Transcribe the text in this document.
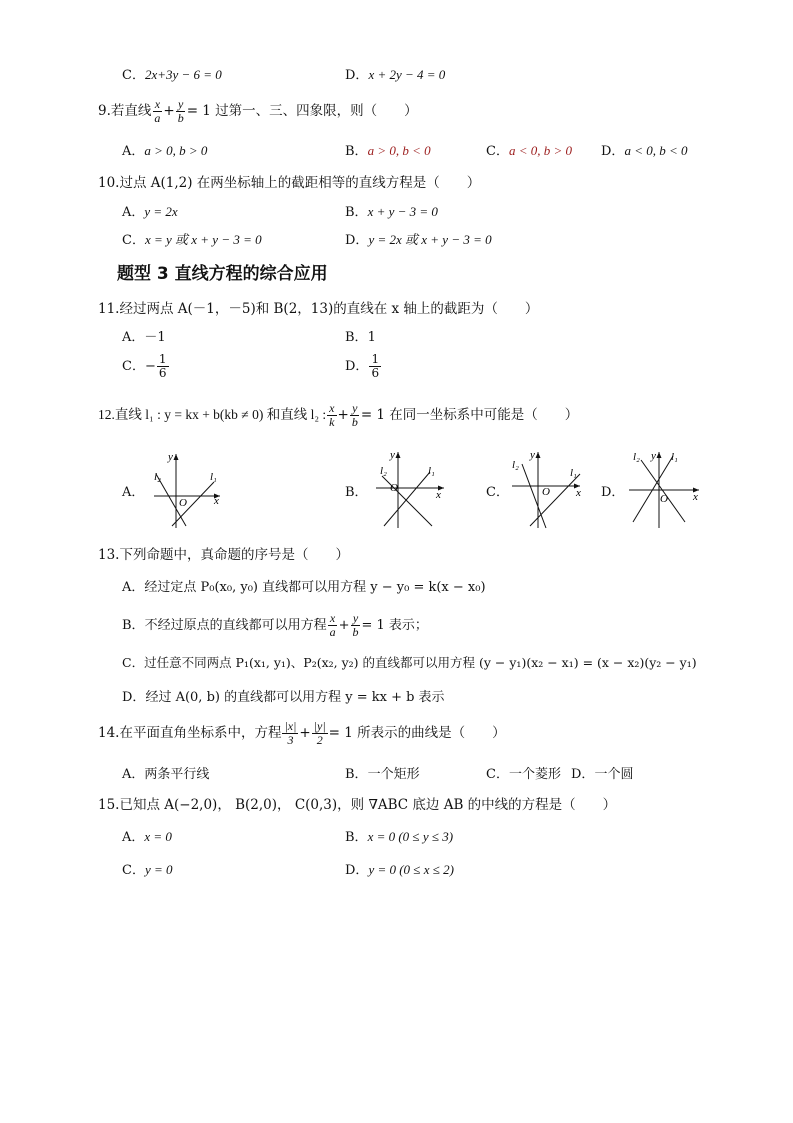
C．2x+3y − 6 = 0	D．x + 2y − 4 = 0
9.若直线 $\frac{x}{a} + \frac{y}{b} = 1$ 过第一、三、四象限，则（　　）
A．a > 0, b > 0	B．a > 0, b < 0	C．a < 0, b > 0 D．a < 0, b < 0
10.过点 A(1,2) 在两坐标轴上的截距相等的直线方程是（　　）
A．y = 2x	B．x + y − 3 = 0
C．x = y 或 x + y − 3 = 0	D．y = 2x 或 x + y − 3 = 0
题型 3 直线方程的综合应用
11.经过两点 A(－1，－5)和 B(2，13)的直线在 x 轴上的截距为（　　）
A．－1	B．1
C．− $\frac{1}{6}$	D． $\frac{1}{6}$
12.直线 l₁ : y = kx + b(kb ≠ 0) 和直线 l₂ : $\frac{x}{k} + \frac{y}{b} = 1$ 在同一坐标系中可能是（　　）
A．	B．	C．	D．
y
x
O
l₁
l₂
y
x
O
l₁
l₂
y
x
O
l₁
l₂
y
x
O
l₁
l₂
13.下列命题中，真命题的序号是（　　）
A．经过定点 P₀(x₀, y₀) 直线都可以用方程 y − y₀ = k(x − x₀)
B．不经过原点的直线都可以用方程 $\frac{x}{a} + \frac{y}{b} = 1$ 表示；
C．过任意不同两点 P₁(x₁, y₁)、P₂(x₂, y₂) 的直线都可以用方程 (y − y₁)(x₂ − x₁) = (x − x₂)(y₂ − y₁)
D．经过 A(0, b) 的直线都可以用方程 y = kx + b 表示
14.在平面直角坐标系中，方程 $\frac{|x|}{3} + \frac{|y|}{2} = 1$ 所表示的曲线是（　　）
A．两条平行线	B．一个矩形	C．一个菱形 D．一个圆
15.已知点 A(−2,0)， B(2,0)， C(0,3)，则 ∇ABC 底边 AB 的中线的方程是（　　）
A．x = 0	B．x = 0 (0 ≤ y ≤ 3)
C．y = 0	D．y = 0 (0 ≤ x ≤ 2)
